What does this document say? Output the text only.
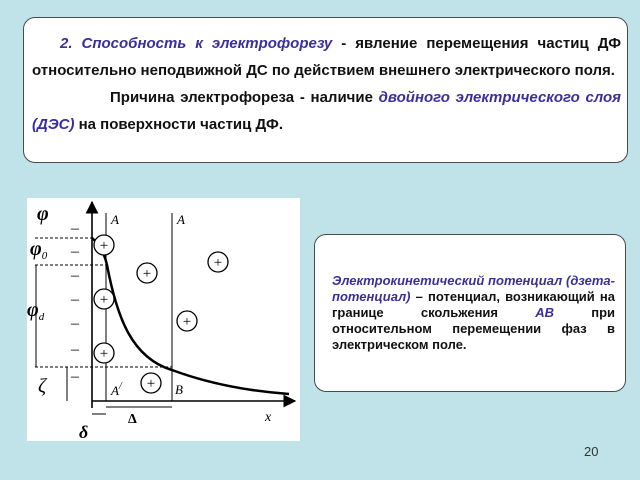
2. Способность к электрофорезу - явление перемещения частиц ДФ относительно неподвижной ДС по действием внешнего электрического поля.

Причина электрофореза - наличие двойного электрического слоя (ДЭС) на поверхности частиц ДФ.

–
–
–
–
–
–
–
+
+
+
+
+
+
+
φ
$\varphi_0$
$\varphi_d$
ζ
A	A
A/	B
x
δ
Δ
Электрокинетический потенциал (дзета-потенциал) – потенциал, возникающий на границе скольжения АВ при относительном перемещении фаз в электрическом поле.
20
